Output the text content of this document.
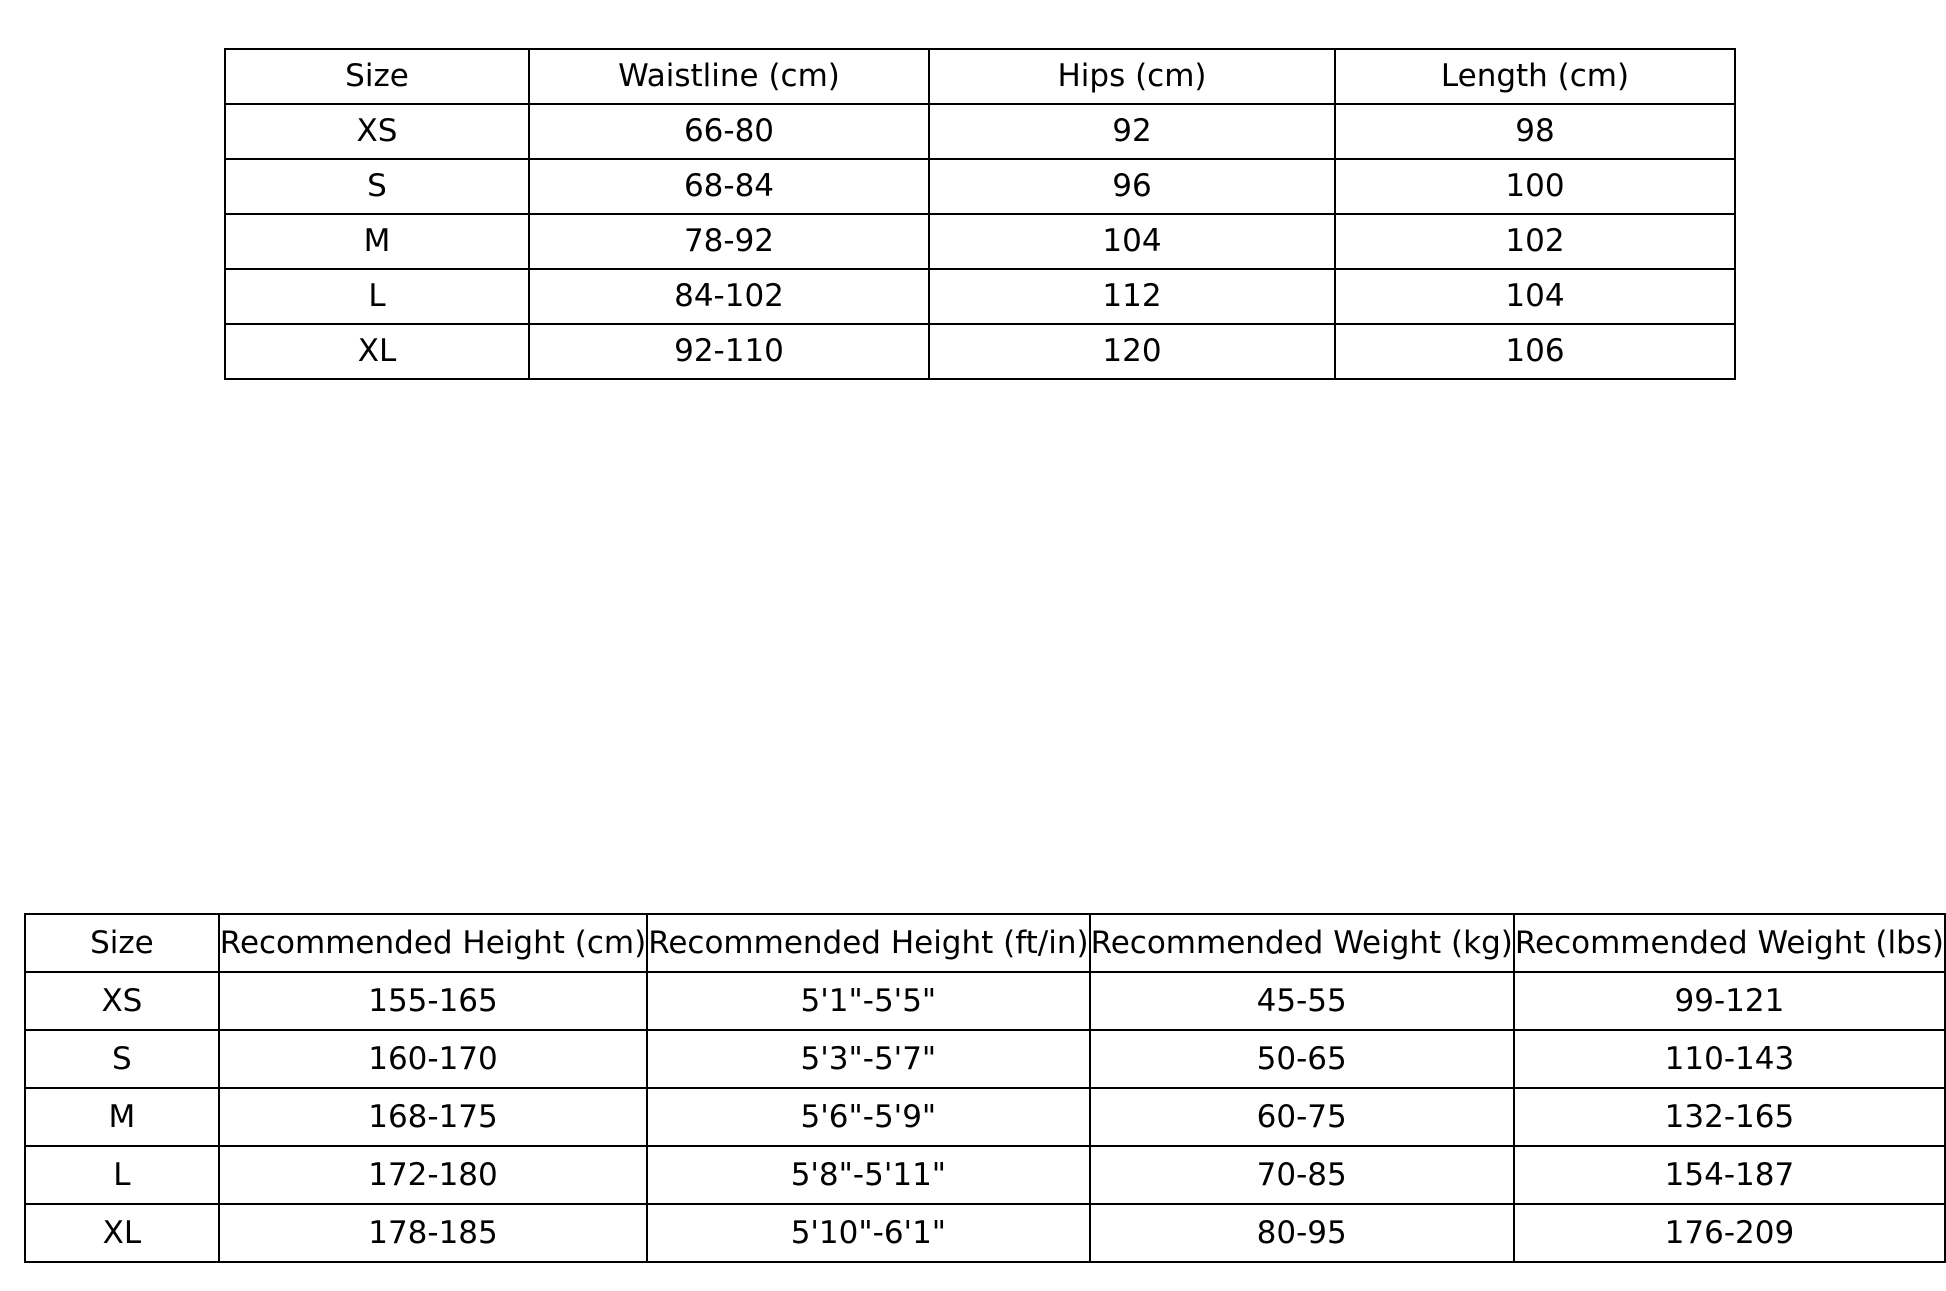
Size	Waistline (cm)	Hips (cm)	Length (cm)
XS	66-80	92	98
S	68-84	96	100
M	78-92	104	102
L	84-102	112	104
XL	92-110	120	106
Size	Recommended Height (cm)	Recommended Height (ft/in)	Recommended Weight (kg)	Recommended Weight (lbs)
XS	155-165	5'1"-5'5"	45-55	99-121
S	160-170	5'3"-5'7"	50-65	110-143
M	168-175	5'6"-5'9"	60-75	132-165
L	172-180	5'8"-5'11"	70-85	154-187
XL	178-185	5'10"-6'1"	80-95	176-209
